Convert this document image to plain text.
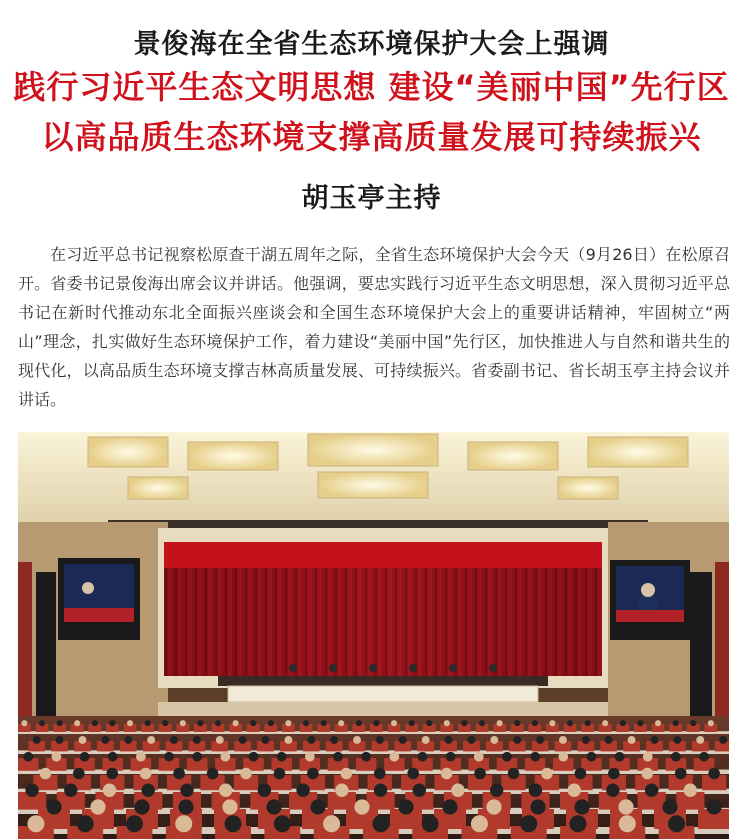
景俊海在全省生态环境保护大会上强调
践行习近平生态文明思想 建设“美丽中国”先行区
以高品质生态环境支撑高质量发展可持续振兴
胡玉亭主持

在习近平总书记视察松原查干湖五周年之际，全省生态环境保护大会今天（9月26日）在松原召开。省委书记景俊海出席会议并讲话。他强调，要忠实践行习近平生态文明思想，深入贯彻习近平总书记在新时代推动东北全面振兴座谈会和全国生态环境保护大会上的重要讲话精神，牢固树立“两山”理念，扎实做好生态环境保护工作，着力建设“美丽中国”先行区，加快推进人与自然和谐共生的现代化，以高品质生态环境支撑吉林高质量发展、可持续振兴。省委副书记、省长胡玉亭主持会议并讲话。
